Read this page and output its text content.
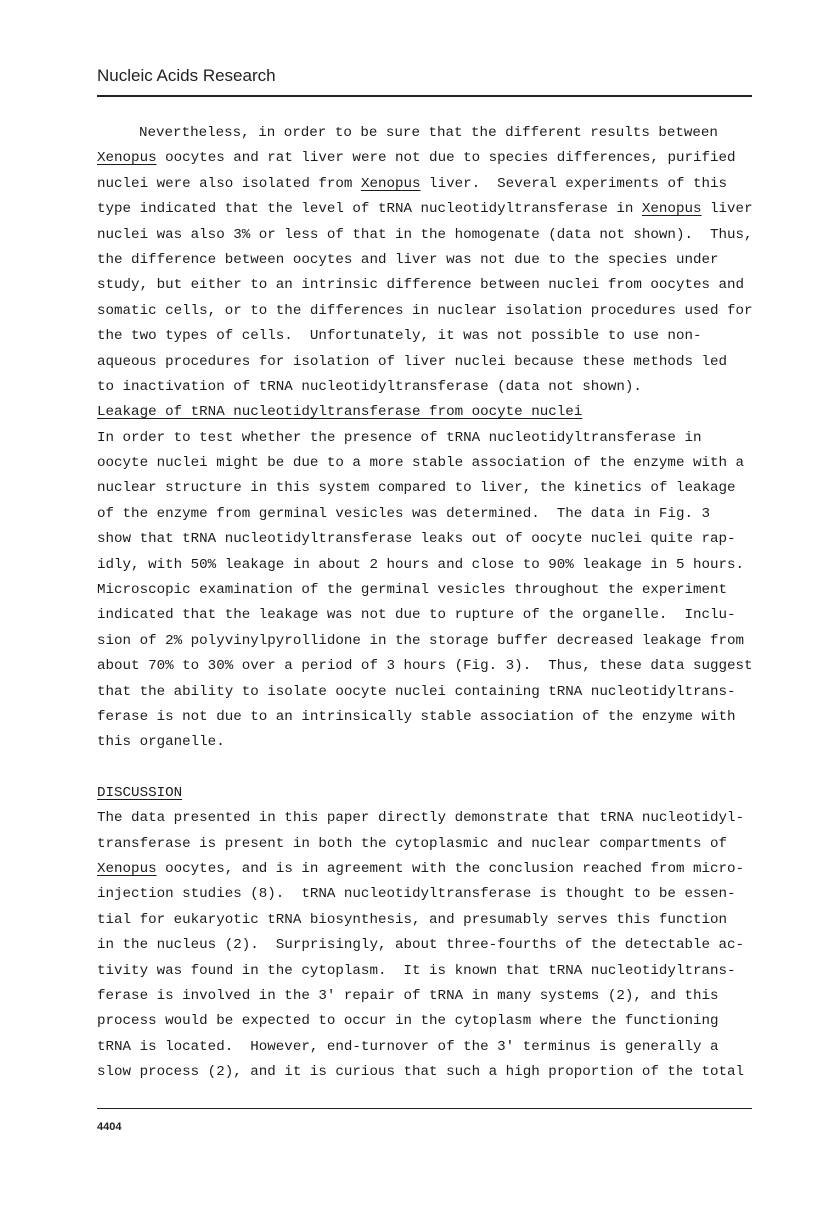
Nucleic Acids Research
Nevertheless, in order to be sure that the different results between
Xenopus oocytes and rat liver were not due to species differences, purified
nuclei were also isolated from Xenopus liver.  Several experiments of this
type indicated that the level of tRNA nucleotidyltransferase in Xenopus liver
nuclei was also 3% or less of that in the homogenate (data not shown).  Thus,
the difference between oocytes and liver was not due to the species under
study, but either to an intrinsic difference between nuclei from oocytes and
somatic cells, or to the differences in nuclear isolation procedures used for
the two types of cells.  Unfortunately, it was not possible to use non-
aqueous procedures for isolation of liver nuclei because these methods led
to inactivation of tRNA nucleotidyltransferase (data not shown).
Leakage of tRNA nucleotidyltransferase from oocyte nuclei
In order to test whether the presence of tRNA nucleotidyltransferase in
oocyte nuclei might be due to a more stable association of the enzyme with a
nuclear structure in this system compared to liver, the kinetics of leakage
of the enzyme from germinal vesicles was determined.  The data in Fig. 3
show that tRNA nucleotidyltransferase leaks out of oocyte nuclei quite rap-
idly, with 50% leakage in about 2 hours and close to 90% leakage in 5 hours.
Microscopic examination of the germinal vesicles throughout the experiment
indicated that the leakage was not due to rupture of the organelle.  Inclu-
sion of 2% polyvinylpyrollidone in the storage buffer decreased leakage from
about 70% to 30% over a period of 3 hours (Fig. 3).  Thus, these data suggest
that the ability to isolate oocyte nuclei containing tRNA nucleotidyltrans-
ferase is not due to an intrinsically stable association of the enzyme with
this organelle.
DISCUSSION
The data presented in this paper directly demonstrate that tRNA nucleotidyl-
transferase is present in both the cytoplasmic and nuclear compartments of
Xenopus oocytes, and is in agreement with the conclusion reached from micro-
injection studies (8).  tRNA nucleotidyltransferase is thought to be essen-
tial for eukaryotic tRNA biosynthesis, and presumably serves this function
in the nucleus (2).  Surprisingly, about three-fourths of the detectable ac-
tivity was found in the cytoplasm.  It is known that tRNA nucleotidyltrans-
ferase is involved in the 3' repair of tRNA in many systems (2), and this
process would be expected to occur in the cytoplasm where the functioning
tRNA is located.  However, end-turnover of the 3' terminus is generally a
slow process (2), and it is curious that such a high proportion of the total
4404
